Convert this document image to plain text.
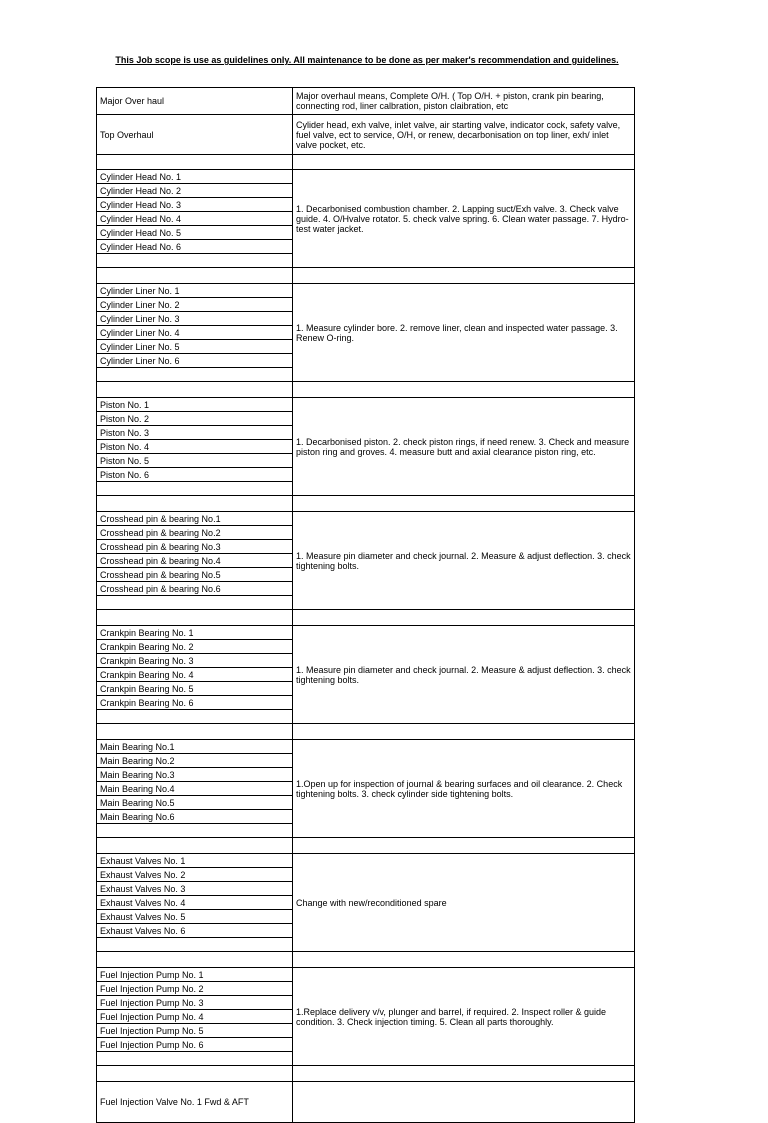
This Job scope is use as guidelines only. All maintenance to be done as per maker's recommendation and guidelines.
Major Over haul	Major overhaul means, Complete O/H. ( Top O/H. + piston, crank pin bearing, connecting rod, liner calbration, piston claibration, etc
Top Overhaul	Cylider head, exh valve, inlet valve, air starting valve, indicator cock, safety valve, fuel valve, ect to service, O/H, or renew, decarbonisation on top liner, exh/ inlet valve pocket, etc.

Cylinder Head No. 1	1. Decarbonised combustion chamber. 2. Lapping suct/Exh valve. 3. Check valve guide. 4. O/Hvalve rotator. 5. check valve spring. 6. Clean water passage. 7. Hydro-test water jacket.
Cylinder Head No. 2	
Cylinder Head No. 3	
Cylinder Head No. 4	
Cylinder Head No. 5	
Cylinder Head No. 6	

Cylinder Liner No. 1	1. Measure cylinder bore. 2. remove liner, clean and inspected water passage. 3. Renew O-ring.
Cylinder Liner No. 2	
Cylinder Liner No. 3	
Cylinder Liner No. 4	
Cylinder Liner No. 5	
Cylinder Liner No. 6	

Piston No. 1	1. Decarbonised piston. 2. check piston rings, if need renew. 3. Check and measure piston ring and groves. 4. measure butt and axial clearance piston ring, etc.
Piston No. 2	
Piston No. 3	
Piston No. 4	
Piston No. 5	
Piston No. 6	

Crosshead pin & bearing No.1	1. Measure pin diameter and check journal. 2. Measure & adjust deflection. 3. check tightening bolts.
Crosshead pin & bearing No.2	
Crosshead pin & bearing No.3	
Crosshead pin & bearing No.4	
Crosshead pin & bearing No.5	
Crosshead pin & bearing No.6	

Crankpin Bearing No. 1	1. Measure pin diameter and check journal. 2. Measure & adjust deflection. 3. check tightening bolts.
Crankpin Bearing No. 2	
Crankpin Bearing No. 3	
Crankpin Bearing No. 4	
Crankpin Bearing No. 5	
Crankpin Bearing No. 6	

Main Bearing No.1	1.Open up for inspection of journal & bearing surfaces and oil clearance. 2. Check tightening bolts. 3. check cylinder side tightening bolts.
Main Bearing No.2	
Main Bearing No.3	
Main Bearing No.4	
Main Bearing No.5	
Main Bearing No.6	

Exhaust Valves No. 1	Change with new/reconditioned spare
Exhaust Valves No. 2	
Exhaust Valves No. 3	
Exhaust Valves No. 4	
Exhaust Valves No. 5	
Exhaust Valves No. 6	

Fuel Injection Pump No. 1	1.Replace delivery v/v, plunger and barrel, if required. 2. Inspect roller & guide condition. 3. Check injection timing. 5. Clean all parts thoroughly.
Fuel Injection Pump No. 2	
Fuel Injection Pump No. 3	
Fuel Injection Pump No. 4	
Fuel Injection Pump No. 5	
Fuel Injection Pump No. 6	

Fuel Injection Valve No. 1 Fwd & AFT	
